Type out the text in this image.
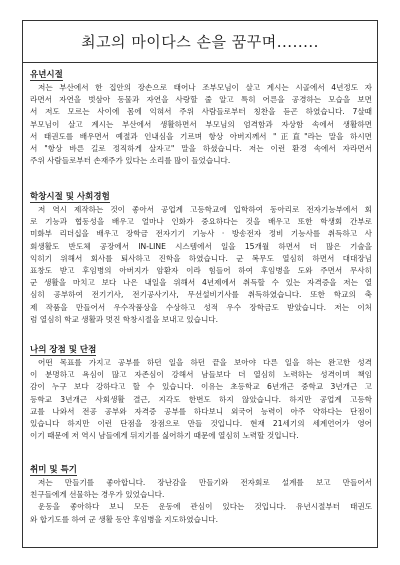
최고의 마이다스 손을 꿈꾸며........
유년시절
저는 부산에서 한 집안의 장손으로 태어나 조부모님이 살고 계시는 시골에서 4년정도 자
라면서 자연을 벗삼아 동물과 자연을 사랑할 줄 알고 특히 어른을 공경하는 모습을 보면
서 저도 모르는 사이에 몸에 익혀서 주위 사람들로부터 칭찬을 듣곤 하였습니다. 7살때
부모님이 살고 계시는 부산에서 생활하면서 부모님의 엄격함과 자상함 속에서 생활하면
서 태권도를 배우면서 예절과 인내심을 기르며 항상 아버지께서 "正直"라는 말을 하시면
서 "항상 바른 길로 정직하게 살자고" 말을 하셨습니다. 저는 이런 환경 속에서 자라면서
주위 사람들로부터 손재주가 있다는 소리를 많이 들었습니다.
학창시절 및 사회경험
저 역시 제작하는 것이 좋아서 공업계 고등학교에 입학하여 동아리로 전자기능부에서 회
로 기능과 협동성을 배우고 얼마나 인화가 중요하다는 것을 배우고 또한 학생회 간부로
미화부 리더십을 배우고 장학금 전자기기 기능사 · 방송전자 정비 기능사를 취득하고 사
회생활도 반도체 공장에서 IN-LINE 시스템에서 일을 15개월 하면서 더 많은 기술을
익히기 위해서 회사를 퇴사하고 진학을 하였습니다. 군 복무도 열심히 하면서 대대장님
표창도 받고 후임병의 아버지가 암환자 이라 힘들어 하여 후임병을 도와 주면서 무사히
군 생활을 마치고 보다 나은 내일을 위해서 4년제에서 취득할 수 있는 자격증을 저는 열
심히 공부하여 전기기사, 전기공사기사, 무선설비기사를 취득하였습니다. 또한 학교의 축
제 작품을 만들어서 우수작품상을 수상하고 성적 우수 장학금도 받았습니다. 저는 이처
럼 열심히 학교 생활과 멋진 학창시절을 보내고 있습니다.
나의 장점 및 단점
어떤 목표를 가지고 공부를 하던 일을 하던 끝을 보아야 다른 일을 하는 완고한 성격
이 분명하고 욕심이 많고 자존심이 강해서 남들보다 더 열심히 노력하는 성격이며 책임
감이 누구 보다 강하다고 할 수 있습니다. 이유는 초등학교 6년개근 중학교 3년개근 고
등학교 3년개근 사회생활 결근, 지각도 한번도 하지 않았습니다. 하지만 공업계 고등학
교를 나와서 전공 공부와 자격증 공부를 하다보니 외국어 능력이 아주 약하다는 단점이
있습니다 하지만 이런 단점을 장점으로 만들 것입니다. 현재 21세기의 세계언어가 영어
이기 때문에 저 역시 남들에게 뒤지기를 싫어하기 때문에 열심히 노력할 것입니다.
취미 및 특기
저는 만들기를 좋아합니다. 장난감을 만들기와 전자회로 설계를 보고 만들어서
친구들에게 선물하는 경우가 있었습니다.
운동을 좋아하다 보니 모든 운동에 관심이 있다는 것입니다. 유년시절부터 태권도
와 합기도를 하여 군 생활 동안 후임병을 지도하였습니다.
